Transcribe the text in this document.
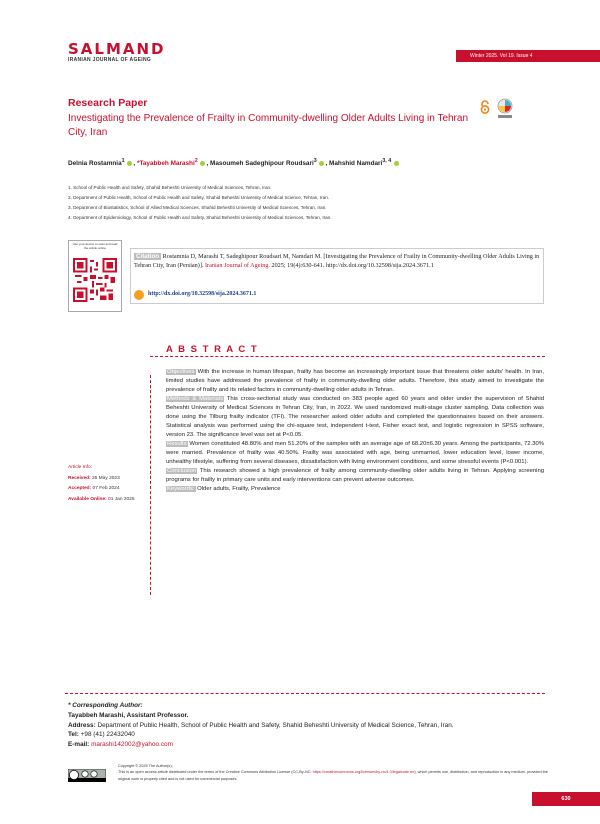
SALMAND
IRANIAN JOURNAL OF AGEING
Winter 2025. Vol 19. Issue 4
Research Paper
Investigating the Prevalence of Frailty in Community-dwelling Older Adults Living in Tehran City, Iran
Delnia Rostamnia$^1$ , *Tayabbeh Marashi$^2$ , Masoumeh Sadeghipour Roudsari$^3$ , Mahshid Namdari$^{3, 4}$
1. School of Public Health and Safety, Shahid Beheshti University of Medical Sciences, Tehran, Iran.
2. Department of Public Health, School of Public Health and Safety, Shahid Beheshti University of Medical Science, Tehran, Iran.
3. Department of Biostatistics, School of Allied Medical Sciences, Shahid Beheshti University of Medical Sciences, Tehran, Iran.
4. Department of Epidemiology, School of Public Health and Safety, Shahid Beheshti University of Medical Sciences, Tehran, Iran.
Use your device to scan and read the article online
Citation Rostamnia D, Marashi T, Sadeghipour Roudsari M, Namdari M. [Investigating the Prevalence of Frailty in Community-dwelling Older Adults Living in Tehran City, Iran (Persian)]. Iranian Journal of Ageing. 2025; 19(4):630-641. http://dx.doi.org/10.32598/sija.2024.3671.1
http://dx.doi.org/10.32598/sija.2024.3671.1
A B S T R A C T

Objectives With the increase in human lifespan, frailty has become an increasingly important issue that threatens older adults' health. In Iran, limited studies have addressed the prevalence of frailty in community-dwelling older adults. Therefore, this study aimed to investigate the prevalence of frailty and its related factors in community-dwelling older adults in Tehran.

Methods & Materials This cross-sectional study was conducted on 383 people aged 60 years and older under the supervision of Shahid Beheshti University of Medical Sciences in Tehran City, Iran, in 2022. We used randomized multi-stage cluster sampling. Data collection was done using the Tilburg frailty indicator (TFI). The researcher asked older adults and completed the questionnaires based on their answers. Statistical analysis was performed using the chi-square test, independent t-test, Fisher exact test, and logistic regression in SPSS software, version 23. The significance level was set at P<0.05.

Results Women constituted 48.80% and men 51.20% of the samples with an average age of 68.20±6.30 years. Among the participants, 72.30% were married. Prevalence of frailty was 40.50%. Frailty was associated with age, being unmarried, lower education level, lower income, unhealthy lifestyle, suffering from several diseases, dissatisfaction with living environment conditions, and some stressful events (P<0.001).

Conclusion This research showed a high prevalence of frailty among community-dwelling older adults living in Tehran. Applying screening programs for frailty in primary care units and early interventions can prevent adverse outcomes.

Keywords: Older adults, Frailty, Prevalence

Article Info:
Received: 25 May 2023
Accepted: 07 Feb 2024
Available Online: 01 Jan 2025
* Corresponding Author:
Tayabbeh Marashi, Assistant Professor.
Address: Department of Public Health, School of Public Health and Safety, Shahid Beheshti University of Medical Science, Tehran, Iran.
Tel: +98 (41) 22432040
E-mail: marashi142002@yahoo.com
Copyright © 2025 The Author(s);
This is an open access article distributed under the terms of the Creative Commons Attribution License (CC-By-NC: https://creativecommons.org/licenses/by-nc/4.0/legalcode.en), which permits use, distribution, and reproduction in any medium, provided the original work is properly cited and is not used for commercial purposes.
630
